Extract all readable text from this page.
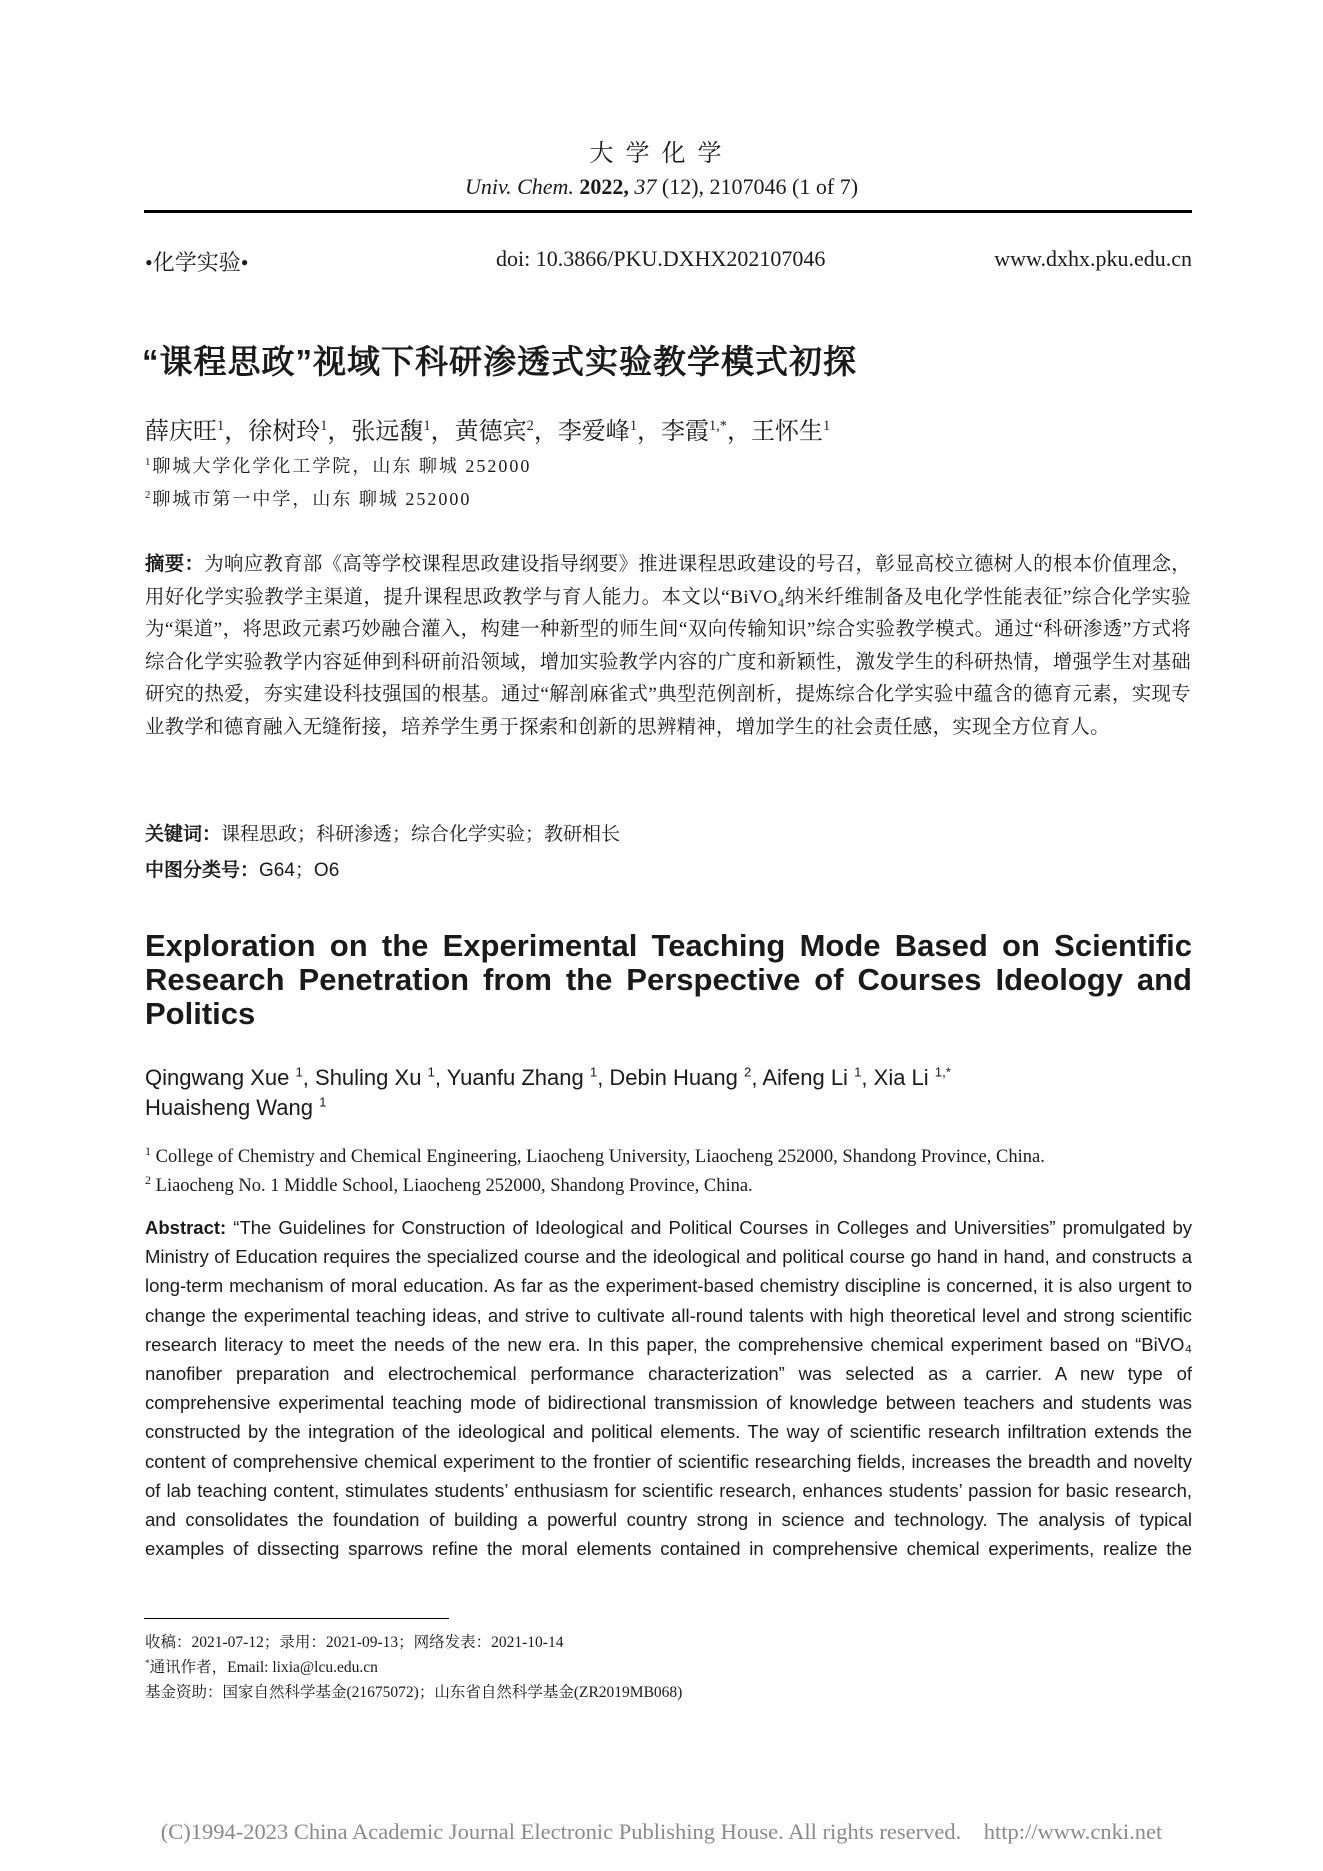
大学化学
Univ. Chem. 2022, 37 (12), 2107046 (1 of 7)
•化学实验•	doi: 10.3866/PKU.DXHX202107046	www.dxhx.pku.edu.cn
“课程思政”视域下科研渗透式实验教学模式初探
薛庆旺$^1$，徐树玲$^1$，张远馥$^1$，黄德宾$^2$，李爱峰$^1$，李霞$^{1,*}$，王怀生$^1$
$^1$聊城大学化学化工学院，山东 聊城 252000
$^2$聊城市第一中学，山东 聊城 252000
摘要：为响应教育部《高等学校课程思政建设指导纲要》推进课程思政建设的号召，彰显高校立德树人的根本价值理念，用好化学实验教学主渠道，提升课程思政教学与育人能力。本文以“BiVO₄纳米纤维制备及电化学性能表征”综合化学实验为“渠道”，将思政元素巧妙融合灌入，构建一种新型的师生间“双向传输知识”综合实验教学模式。通过“科研渗透”方式将综合化学实验教学内容延伸到科研前沿领域，增加实验教学内容的广度和新颖性，激发学生的科研热情，增强学生对基础研究的热爱，夯实建设科技强国的根基。通过“解剖麻雀式”典型范例剖析，提炼综合化学实验中蕴含的德育元素，实现专业教学和德育融入无缝衔接，培养学生勇于探索和创新的思辨精神，增加学生的社会责任感，实现全方位育人。
关键词：课程思政；科研渗透；综合化学实验；教研相长
中图分类号：G64；O6
Exploration on the Experimental Teaching Mode Based on Scientific Research Penetration from the Perspective of Courses Ideology and Politics
Qingwang Xue $^1$, Shuling Xu $^1$, Yuanfu Zhang $^1$, Debin Huang $^2$, Aifeng Li $^1$, Xia Li $^{1,*}$
Huaisheng Wang $^1$
$^1$ College of Chemistry and Chemical Engineering, Liaocheng University, Liaocheng 252000, Shandong Province, China.
$^2$ Liaocheng No. 1 Middle School, Liaocheng 252000, Shandong Province, China.
Abstract: “The Guidelines for Construction of Ideological and Political Courses in Colleges and Universities” promulgated by Ministry of Education requires the specialized course and the ideological and political course go hand in hand, and constructs a long-term mechanism of moral education. As far as the experiment-based chemistry discipline is concerned, it is also urgent to change the experimental teaching ideas, and strive to cultivate all-round talents with high theoretical level and strong scientific research literacy to meet the needs of the new era. In this paper, the comprehensive chemical experiment based on “BiVO₄ nanofiber preparation and electrochemical performance characterization” was selected as a carrier. A new type of comprehensive experimental teaching mode of bidirectional transmission of knowledge between teachers and students was constructed by the integration of the ideological and political elements. The way of scientific research infiltration extends the content of comprehensive chemical experiment to the frontier of scientific researching fields, increases the breadth and novelty of lab teaching content, stimulates students’ enthusiasm for scientific research, enhances students’ passion for basic research, and consolidates the foundation of building a powerful country strong in science and technology. The analysis of typical examples of dissecting sparrows refine the moral elements contained in comprehensive chemical experiments, realize the
收稿：2021-07-12；录用：2021-09-13；网络发表：2021-10-14
*通讯作者，Email: lixia@lcu.edu.cn
基金资助：国家自然科学基金(21675072)；山东省自然科学基金(ZR2019MB068)
(C)1994-2023 China Academic Journal Electronic Publishing House. All rights reserved.    http://www.cnki.net
